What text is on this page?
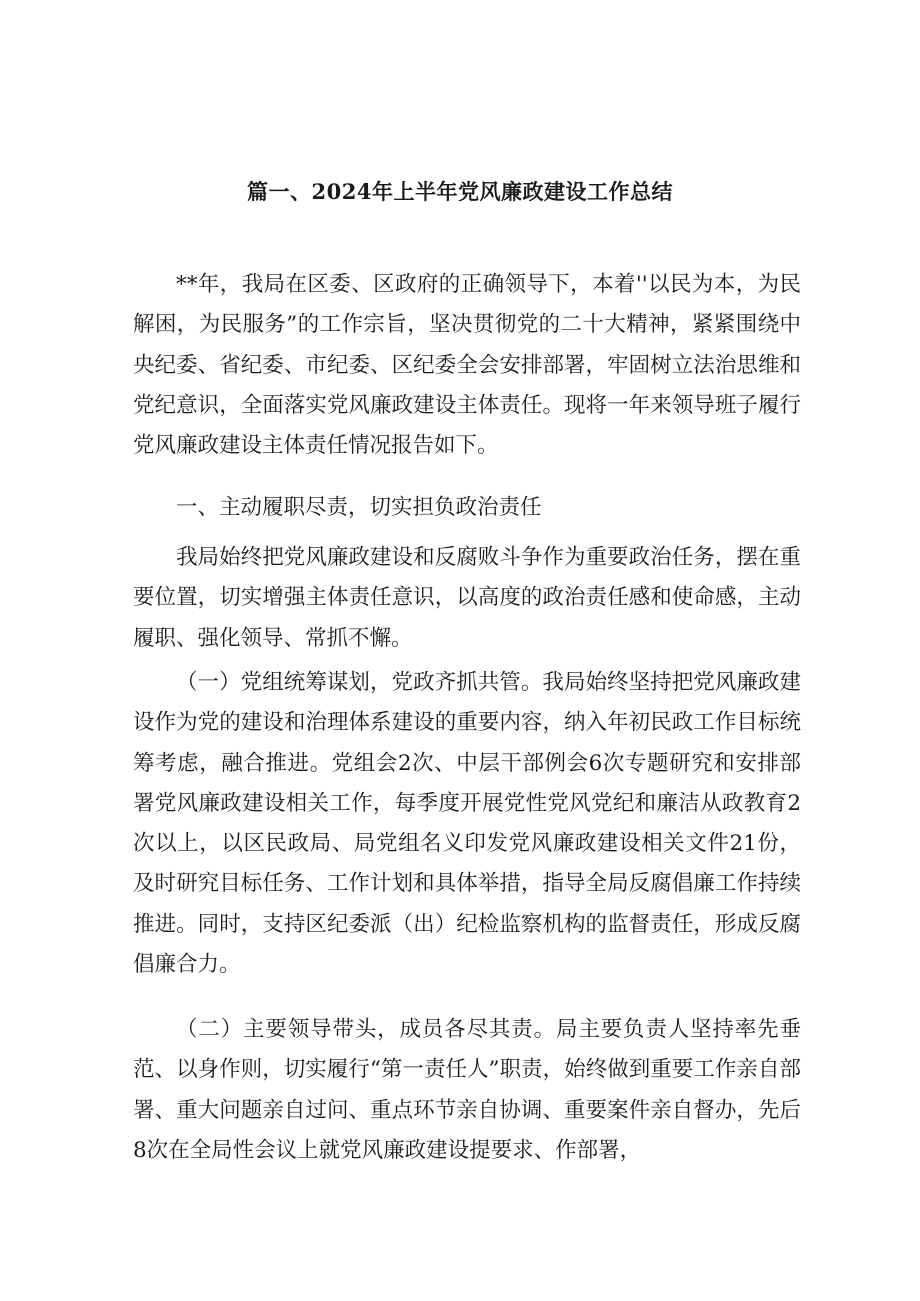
篇一、2024年上半年党风廉政建设工作总结

**年，我局在区委、区政府的正确领导下，本着''以民为本，为民解困，为民服务”的工作宗旨，坚决贯彻党的二十大精神，紧紧围绕中央纪委、省纪委、市纪委、区纪委全会安排部署，牢固树立法治思维和党纪意识，全面落实党风廉政建设主体责任。现将一年来领导班子履行党风廉政建设主体责任情况报告如下。

一、主动履职尽责，切实担负政治责任

我局始终把党风廉政建设和反腐败斗争作为重要政治任务，摆在重要位置，切实增强主体责任意识，以高度的政治责任感和使命感，主动履职、强化领导、常抓不懈。

（一）党组统筹谋划，党政齐抓共管。我局始终坚持把党风廉政建设作为党的建设和治理体系建设的重要内容，纳入年初民政工作目标统筹考虑，融合推进。党组会2次、中层干部例会6次专题研究和安排部署党风廉政建设相关工作，每季度开展党性党风党纪和廉洁从政教育2次以上，以区民政局、局党组名义印发党风廉政建设相关文件21份，及时研究目标任务、工作计划和具体举措，指导全局反腐倡廉工作持续推进。同时，支持区纪委派（出）纪检监察机构的监督责任，形成反腐倡廉合力。

（二）主要领导带头，成员各尽其责。局主要负责人坚持率先垂范、以身作则，切实履行“第一责任人”职责，始终做到重要工作亲自部署、重大问题亲自过问、重点环节亲自协调、重要案件亲自督办，先后8次在全局性会议上就党风廉政建设提要求、作部署，
